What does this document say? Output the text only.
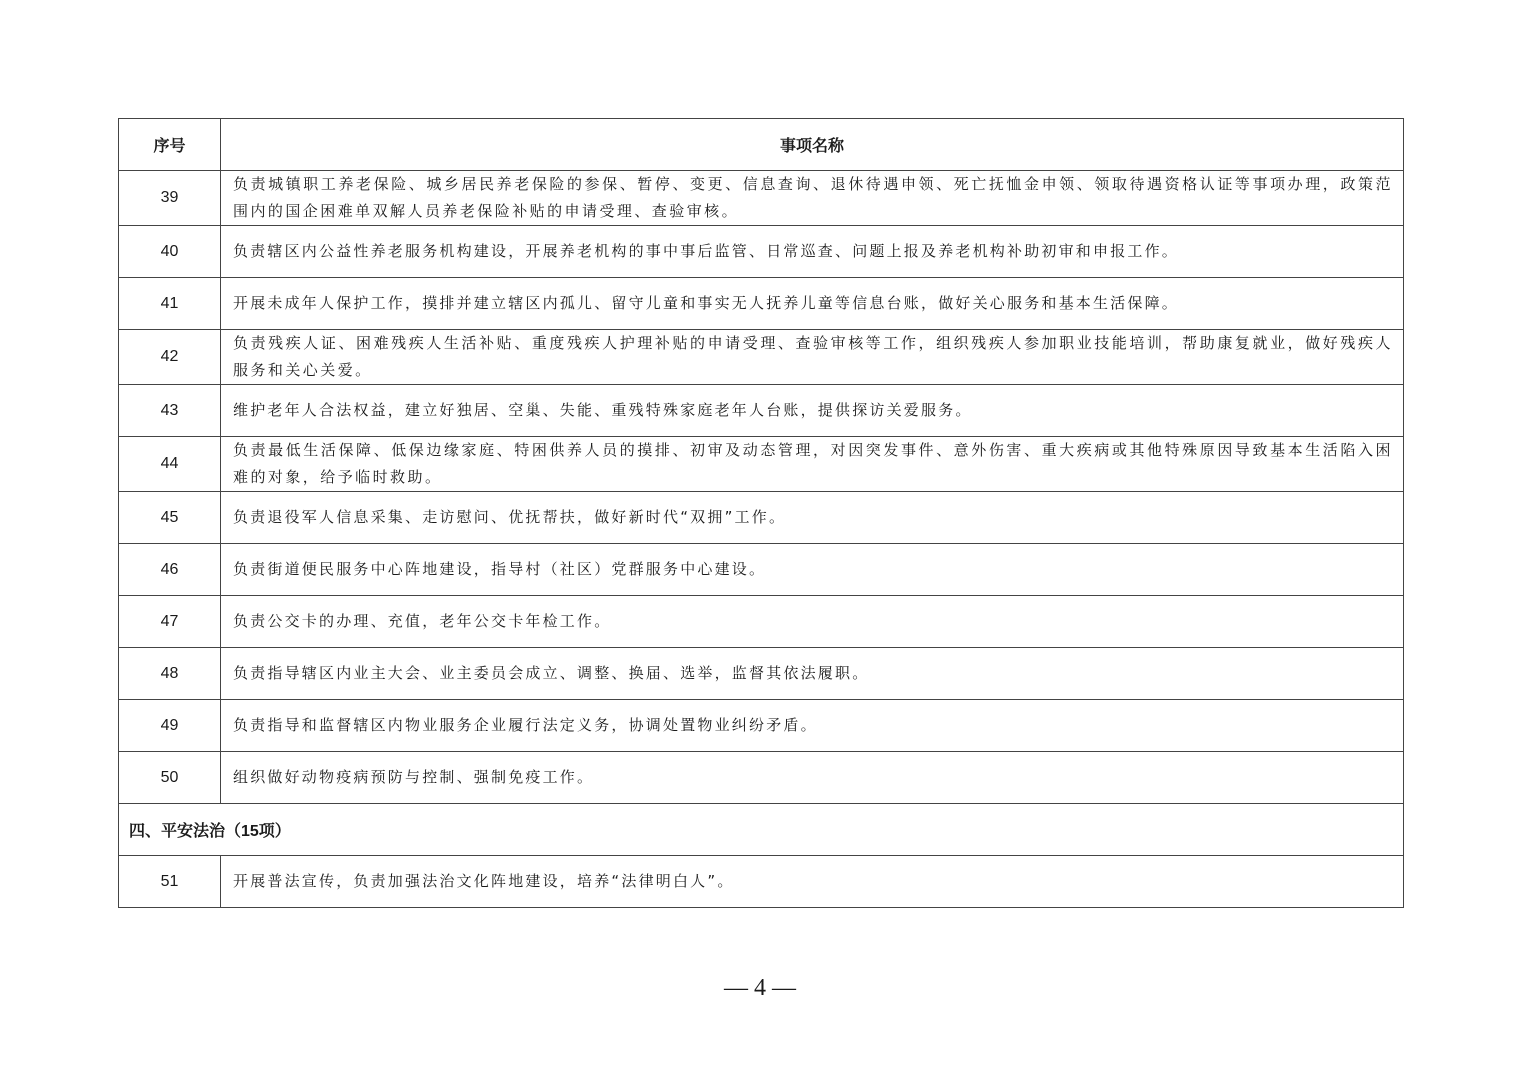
序号	事项名称
39	负责城镇职工养老保险、城乡居民养老保险的参保、暂停、变更、信息查询、退休待遇申领、死亡抚恤金申领、领取待遇资格认证等事项办理，政策范围内的国企困难单双解人员养老保险补贴的申请受理、查验审核。
40	负责辖区内公益性养老服务机构建设，开展养老机构的事中事后监管、日常巡查、问题上报及养老机构补助初审和申报工作。
41	开展未成年人保护工作，摸排并建立辖区内孤儿、留守儿童和事实无人抚养儿童等信息台账，做好关心服务和基本生活保障。
42	负责残疾人证、困难残疾人生活补贴、重度残疾人护理补贴的申请受理、查验审核等工作，组织残疾人参加职业技能培训，帮助康复就业，做好残疾人服务和关心关爱。
43	维护老年人合法权益，建立好独居、空巢、失能、重残特殊家庭老年人台账，提供探访关爱服务。
44	负责最低生活保障、低保边缘家庭、特困供养人员的摸排、初审及动态管理，对因突发事件、意外伤害、重大疾病或其他特殊原因导致基本生活陷入困难的对象，给予临时救助。
45	负责退役军人信息采集、走访慰问、优抚帮扶，做好新时代“双拥”工作。
46	负责街道便民服务中心阵地建设，指导村（社区）党群服务中心建设。
47	负责公交卡的办理、充值，老年公交卡年检工作。
48	负责指导辖区内业主大会、业主委员会成立、调整、换届、选举，监督其依法履职。
49	负责指导和监督辖区内物业服务企业履行法定义务，协调处置物业纠纷矛盾。
50	组织做好动物疫病预防与控制、强制免疫工作。
四、平安法治（15项）	
51	开展普法宣传，负责加强法治文化阵地建设，培养“法律明白人”。
— 4 —
